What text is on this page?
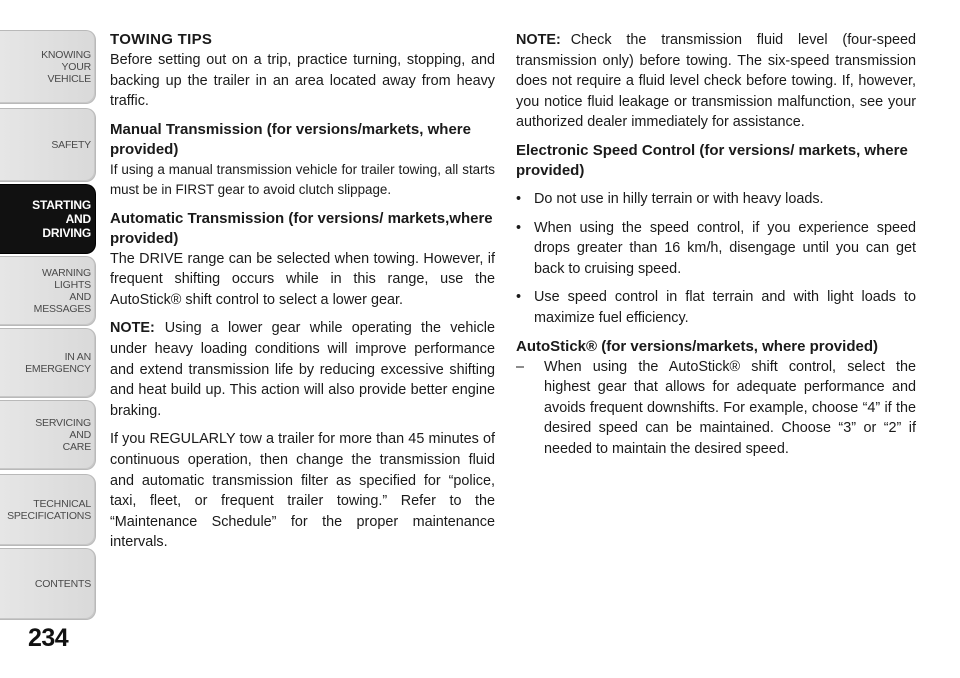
KNOWING
YOUR
VEHICLE
SAFETY
STARTING
AND
DRIVING
WARNING
LIGHTS
AND
MESSAGES
IN AN
EMERGENCY
SERVICING
AND
CARE
TECHNICAL
SPECIFICATIONS
CONTENTS
234
TOWING TIPS

Before setting out on a trip, practice turning, stopping, and backing up the trailer in an area located away from heavy traffic.

Manual Transmission (for versions/markets, where provided)

If using a manual transmission vehicle for trailer towing, all starts must be in FIRST gear to avoid clutch slippage.

Automatic Transmission (for versions/ markets,where provided)

The DRIVE range can be selected when towing. However, if frequent shifting occurs while in this range, use the AutoStick® shift control to select a lower gear.

NOTE: Using a lower gear while operating the vehicle under heavy loading conditions will improve performance and extend transmission life by reducing excessive shifting and heat build up. This action will also provide better engine braking.

If you REGULARLY tow a trailer for more than 45 minutes of continuous operation, then change the transmission fluid and automatic transmission filter as specified for “police, taxi, fleet, or frequent trailer towing.” Refer to the “Maintenance Schedule” for the proper maintenance intervals.

NOTE: Check the transmission fluid level (four-speed transmission only) before towing. The six-speed transmission does not require a fluid level check before towing. If, however, you notice fluid leakage or transmission malfunction, see your authorized dealer immediately for assistance.

Electronic Speed Control (for versions/ markets, where provided)
• Do not use in hilly terrain or with heavy loads.
• When using the speed control, if you experience speed drops greater than 16 km/h, disengage until you can get back to cruising speed.
• Use speed control in flat terrain and with light loads to maximize fuel efficiency.
AutoStick® (for versions/markets, where provided)
– When using the AutoStick® shift control, select the highest gear that allows for adequate performance and avoids frequent downshifts. For example, choose “4” if the desired speed can be maintained. Choose “3” or “2” if needed to maintain the desired speed.
